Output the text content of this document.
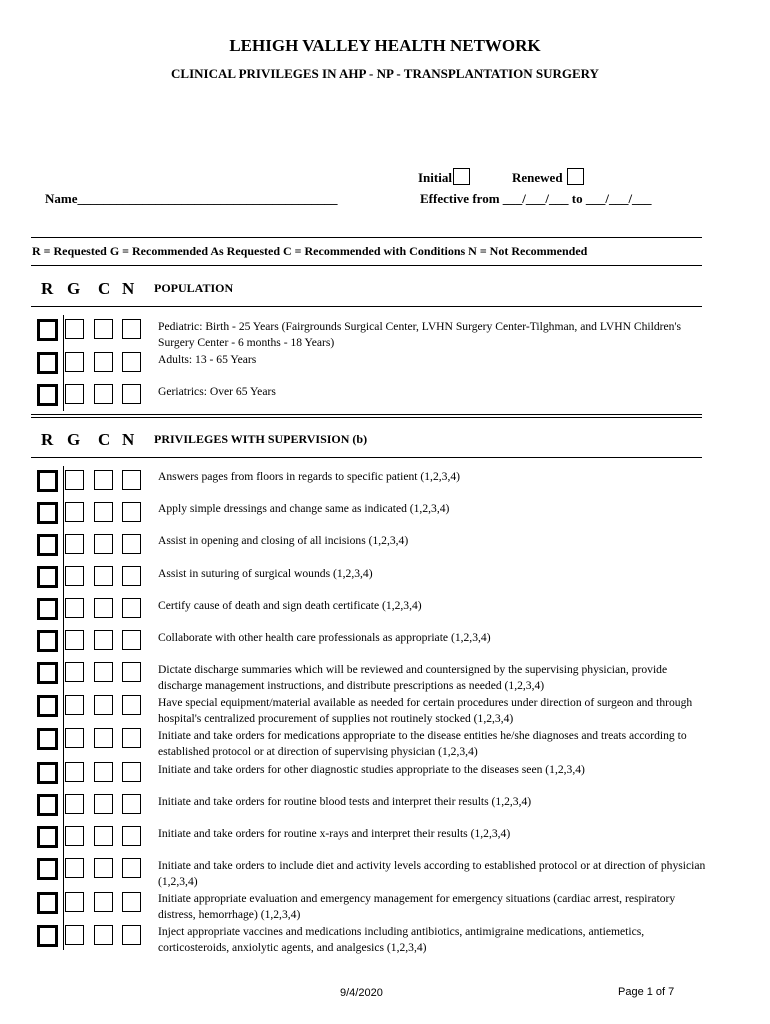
LEHIGH VALLEY HEALTH NETWORK
CLINICAL PRIVILEGES IN AHP - NP - TRANSPLANTATION SURGERY
Initial	Renewed
Name________________________________________	Effective from ___/___/___ to ___/___/___
R = Requested G = Recommended As Requested C = Recommended with Conditions N = Not Recommended
R G C N POPULATION
Pediatric: Birth - 25 Years (Fairgrounds Surgical Center, LVHN Surgery Center-Tilghman, and LVHN Children's Surgery Center - 6 months - 18 Years)
Adults: 13 - 65 Years
Geriatrics: Over 65 Years
R G C N PRIVILEGES WITH SUPERVISION (b)
Answers pages from floors in regards to specific patient (1,2,3,4)
Apply simple dressings and change same as indicated (1,2,3,4)
Assist in opening and closing of all incisions (1,2,3,4)
Assist in suturing of surgical wounds (1,2,3,4)
Certify cause of death and sign death certificate (1,2,3,4)
Collaborate with other health care professionals as appropriate (1,2,3,4)
Dictate discharge summaries which will be reviewed and countersigned by the supervising physician, provide discharge management instructions, and distribute prescriptions as needed (1,2,3,4)
Have special equipment/material available as needed for certain procedures under direction of surgeon and through hospital's centralized procurement of supplies not routinely stocked (1,2,3,4)
Initiate and take orders for medications appropriate to the disease entities he/she diagnoses and treats according to established protocol or at direction of supervising physician (1,2,3,4)
Initiate and take orders for other diagnostic studies appropriate to the diseases seen (1,2,3,4)
Initiate and take orders for routine blood tests and interpret their results (1,2,3,4)
Initiate and take orders for routine x-rays and interpret their results (1,2,3,4)
Initiate and take orders to include diet and activity levels according to established protocol or at direction of physician (1,2,3,4)
Initiate appropriate evaluation and emergency management for emergency situations (cardiac arrest, respiratory distress, hemorrhage) (1,2,3,4)
Inject appropriate vaccines and medications including antibiotics, antimigraine medications, antiemetics, corticosteroids, anxiolytic agents, and analgesics (1,2,3,4)
9/4/2020	Page 1 of 7
